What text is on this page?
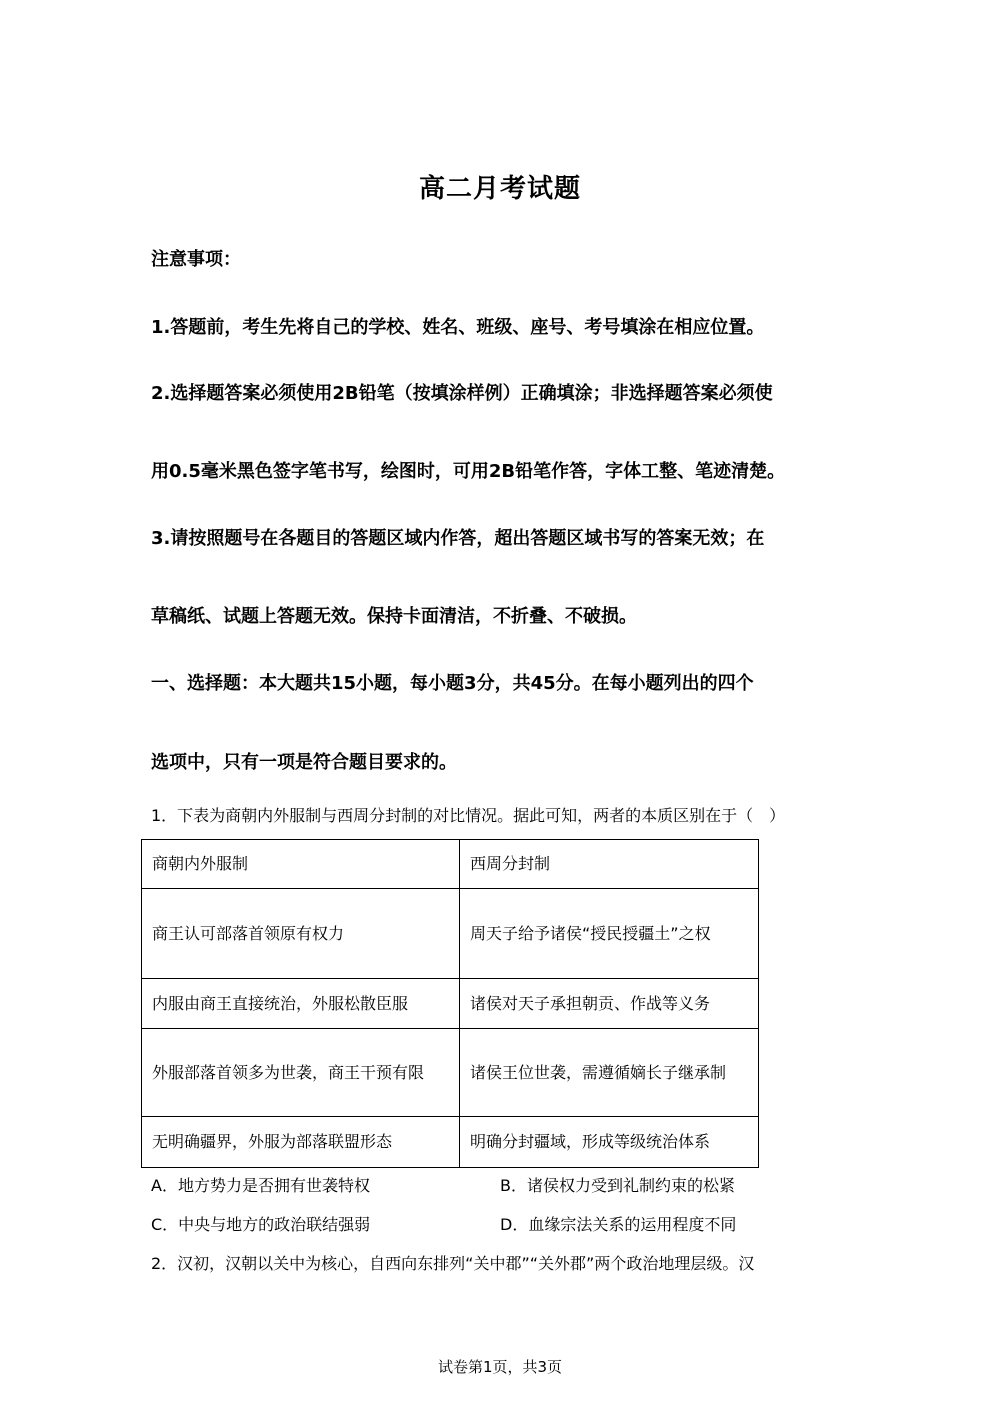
高二月考试题
注意事项：
1.答题前，考生先将自己的学校、姓名、班级、座号、考号填涂在相应位置。
2.选择题答案必须使用2B铅笔（按填涂样例）正确填涂；非选择题答案必须使
用0.5毫米黑色签字笔书写，绘图时，可用2B铅笔作答，字体工整、笔迹清楚。
3.请按照题号在各题目的答题区域内作答，超出答题区域书写的答案无效；在
草稿纸、试题上答题无效。保持卡面清洁，不折叠、不破损。
一、选择题：本大题共15小题，每小题3分，共45分。在每小题列出的四个
选项中，只有一项是符合题目要求的。
1．下表为商朝内外服制与西周分封制的对比情况。据此可知，两者的本质区别在于（　）
商朝内外服制	西周分封制
商王认可部落首领原有权力	周天子给予诸侯“授民授疆土”之权
内服由商王直接统治，外服松散臣服	诸侯对天子承担朝贡、作战等义务
外服部落首领多为世袭，商王干预有限	诸侯王位世袭，需遵循嫡长子继承制
无明确疆界，外服为部落联盟形态	明确分封疆域，形成等级统治体系
A．地方势力是否拥有世袭特权	B．诸侯权力受到礼制约束的松紧
C．中央与地方的政治联结强弱	D．血缘宗法关系的运用程度不同
2．汉初，汉朝以关中为核心，自西向东排列“关中郡”“关外郡”两个政治地理层级。汉
试卷第1页，共3页
